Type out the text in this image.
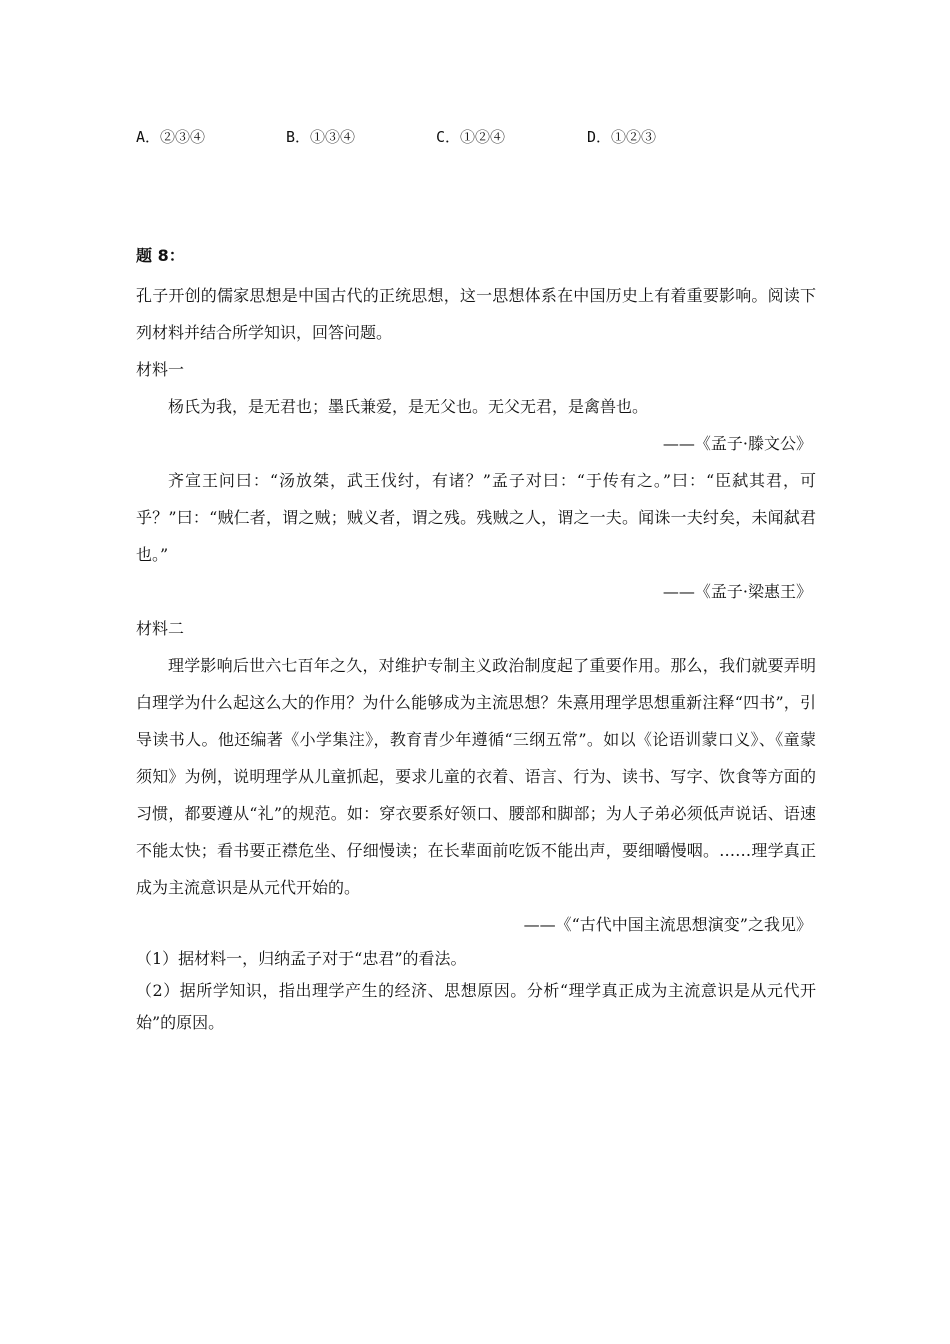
A．②③④	B．①③④	C．①②④	D．①②③
题 8：
孔子开创的儒家思想是中国古代的正统思想，这一思想体系在中国历史上有着重要影响。阅读下列材料并结合所学知识，回答问题。
材料一
杨氏为我，是无君也；墨氏兼爱，是无父也。无父无君，是禽兽也。
——《孟子·滕文公》
齐宣王问曰：“汤放桀，武王伐纣，有诸？”孟子对曰：“于传有之。”曰：“臣弑其君，可乎？”曰：“贼仁者，谓之贼；贼义者，谓之残。残贼之人，谓之一夫。闻诛一夫纣矣，未闻弑君也。”
——《孟子·梁惠王》
材料二
理学影响后世六七百年之久，对维护专制主义政治制度起了重要作用。那么，我们就要弄明白理学为什么起这么大的作用？为什么能够成为主流思想？朱熹用理学思想重新注释“四书”，引导读书人。他还编著《小学集注》，教育青少年遵循“三纲五常”。如以《论语训蒙口义》、《童蒙须知》为例，说明理学从儿童抓起，要求儿童的衣着、语言、行为、读书、写字、饮食等方面的习惯，都要遵从“礼”的规范。如：穿衣要系好领口、腰部和脚部；为人子弟必须低声说话、语速不能太快；看书要正襟危坐、仔细慢读；在长辈面前吃饭不能出声，要细嚼慢咽。……理学真正成为主流意识是从元代开始的。
——《“古代中国主流思想演变”之我见》
（1）据材料一，归纳孟子对于“忠君”的看法。
（2）据所学知识，指出理学产生的经济、思想原因。分析“理学真正成为主流意识是从元代开始”的原因。
